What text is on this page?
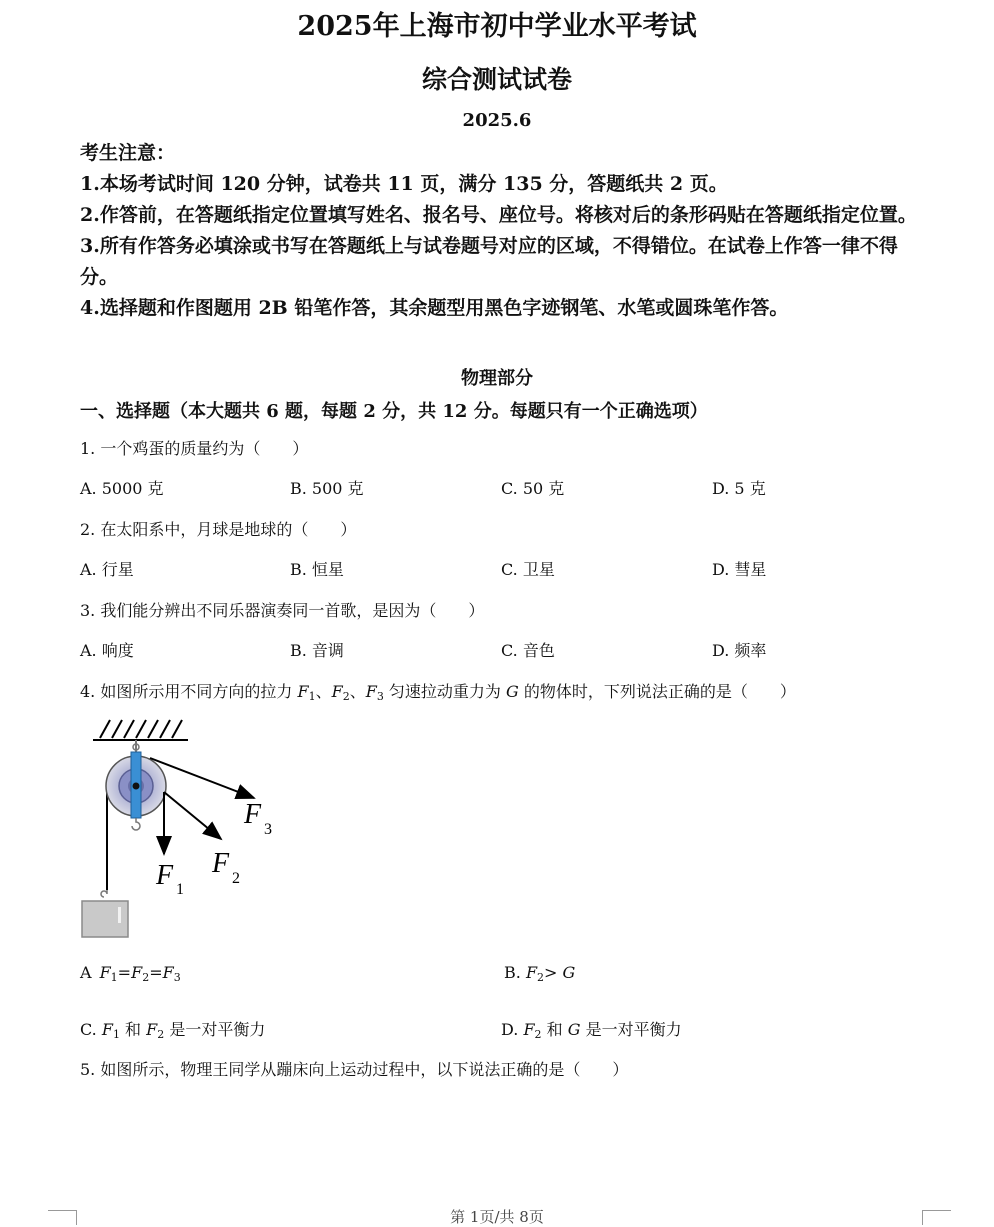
2025年上海市初中学业水平考试
综合测试试卷
2025.6
考生注意：
1.本场考试时间 120 分钟，试卷共 11 页，满分 135 分，答题纸共 2 页。
2.作答前，在答题纸指定位置填写姓名、报名号、座位号。将核对后的条形码贴在答题纸指定位置。
3.所有作答务必填涂或书写在答题纸上与试卷题号对应的区域，不得错位。在试卷上作答一律不得分。
4.选择题和作图题用 2B 铅笔作答，其余题型用黑色字迹钢笔、水笔或圆珠笔作答。
物理部分
一、选择题（本大题共 6 题，每题 2 分，共 12 分。每题只有一个正确选项）
1. 一个鸡蛋的质量约为（　　）
A. 5000 克	B. 500 克	C. 50 克	D. 5 克
2. 在太阳系中，月球是地球的（　　）
A. 行星	B. 恒星	C. 卫星	D. 彗星
3. 我们能分辨出不同乐器演奏同一首歌，是因为（　　）
A. 响度	B. 音调	C. 音色	D. 频率
4. 如图所示用不同方向的拉力 $F_1$、$F_2$、$F_3$ 匀速拉动重力为 G 的物体时，下列说法正确的是（　　）
F 1
F 2
F 3
A  $F_1=F_2=F_3$	B. $F_2> G$
C. $F_1$ 和 $F_2$ 是一对平衡力	D. $F_2$ 和 G 是一对平衡力
5. 如图所示，物理王同学从蹦床向上运动过程中，以下说法正确的是（　　）
第 1页/共 8页
